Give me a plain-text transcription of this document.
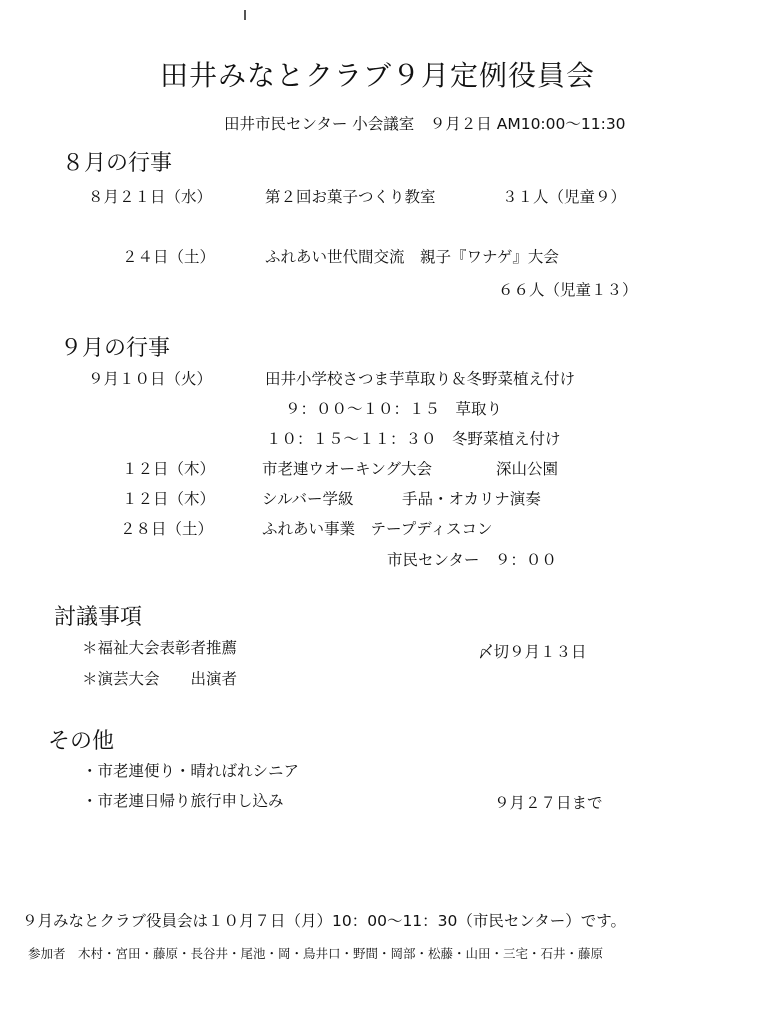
田井みなとクラブ９月定例役員会
田井市民センター 小会議室　９月２日 AM10:00～11:30
８月の行事
８月２１日（水）	第２回お菓子つくり教室	３１人（児童９）
２４日（土）	ふれあい世代間交流　親子『ワナゲ』大会
６６人（児童１３）
９月の行事
９月１０日（火）	田井小学校さつま芋草取り＆冬野菜植え付け
９：００～１０：１５　草取り
１０：１５～１１：３０　冬野菜植え付け
１２日（木）	市老連ウオーキング大会	深山公園
１２日（木）	シルバー学級	手品・オカリナ演奏
２８日（土）	ふれあい事業　テープディスコン
市民センター　９：００
討議事項
＊福祉大会表彰者推薦	〆切９月１３日
＊演芸大会　　出演者
その他
・市老連便り・晴ればれシニア
・市老連日帰り旅行申し込み	９月２７日まで
９月みなとクラブ役員会は１０月７日（月）10：00～11：30（市民センター）です。
参加者　木村・宮田・藤原・長谷井・尾池・岡・鳥井口・野間・岡部・松藤・山田・三宅・石井・藤原
